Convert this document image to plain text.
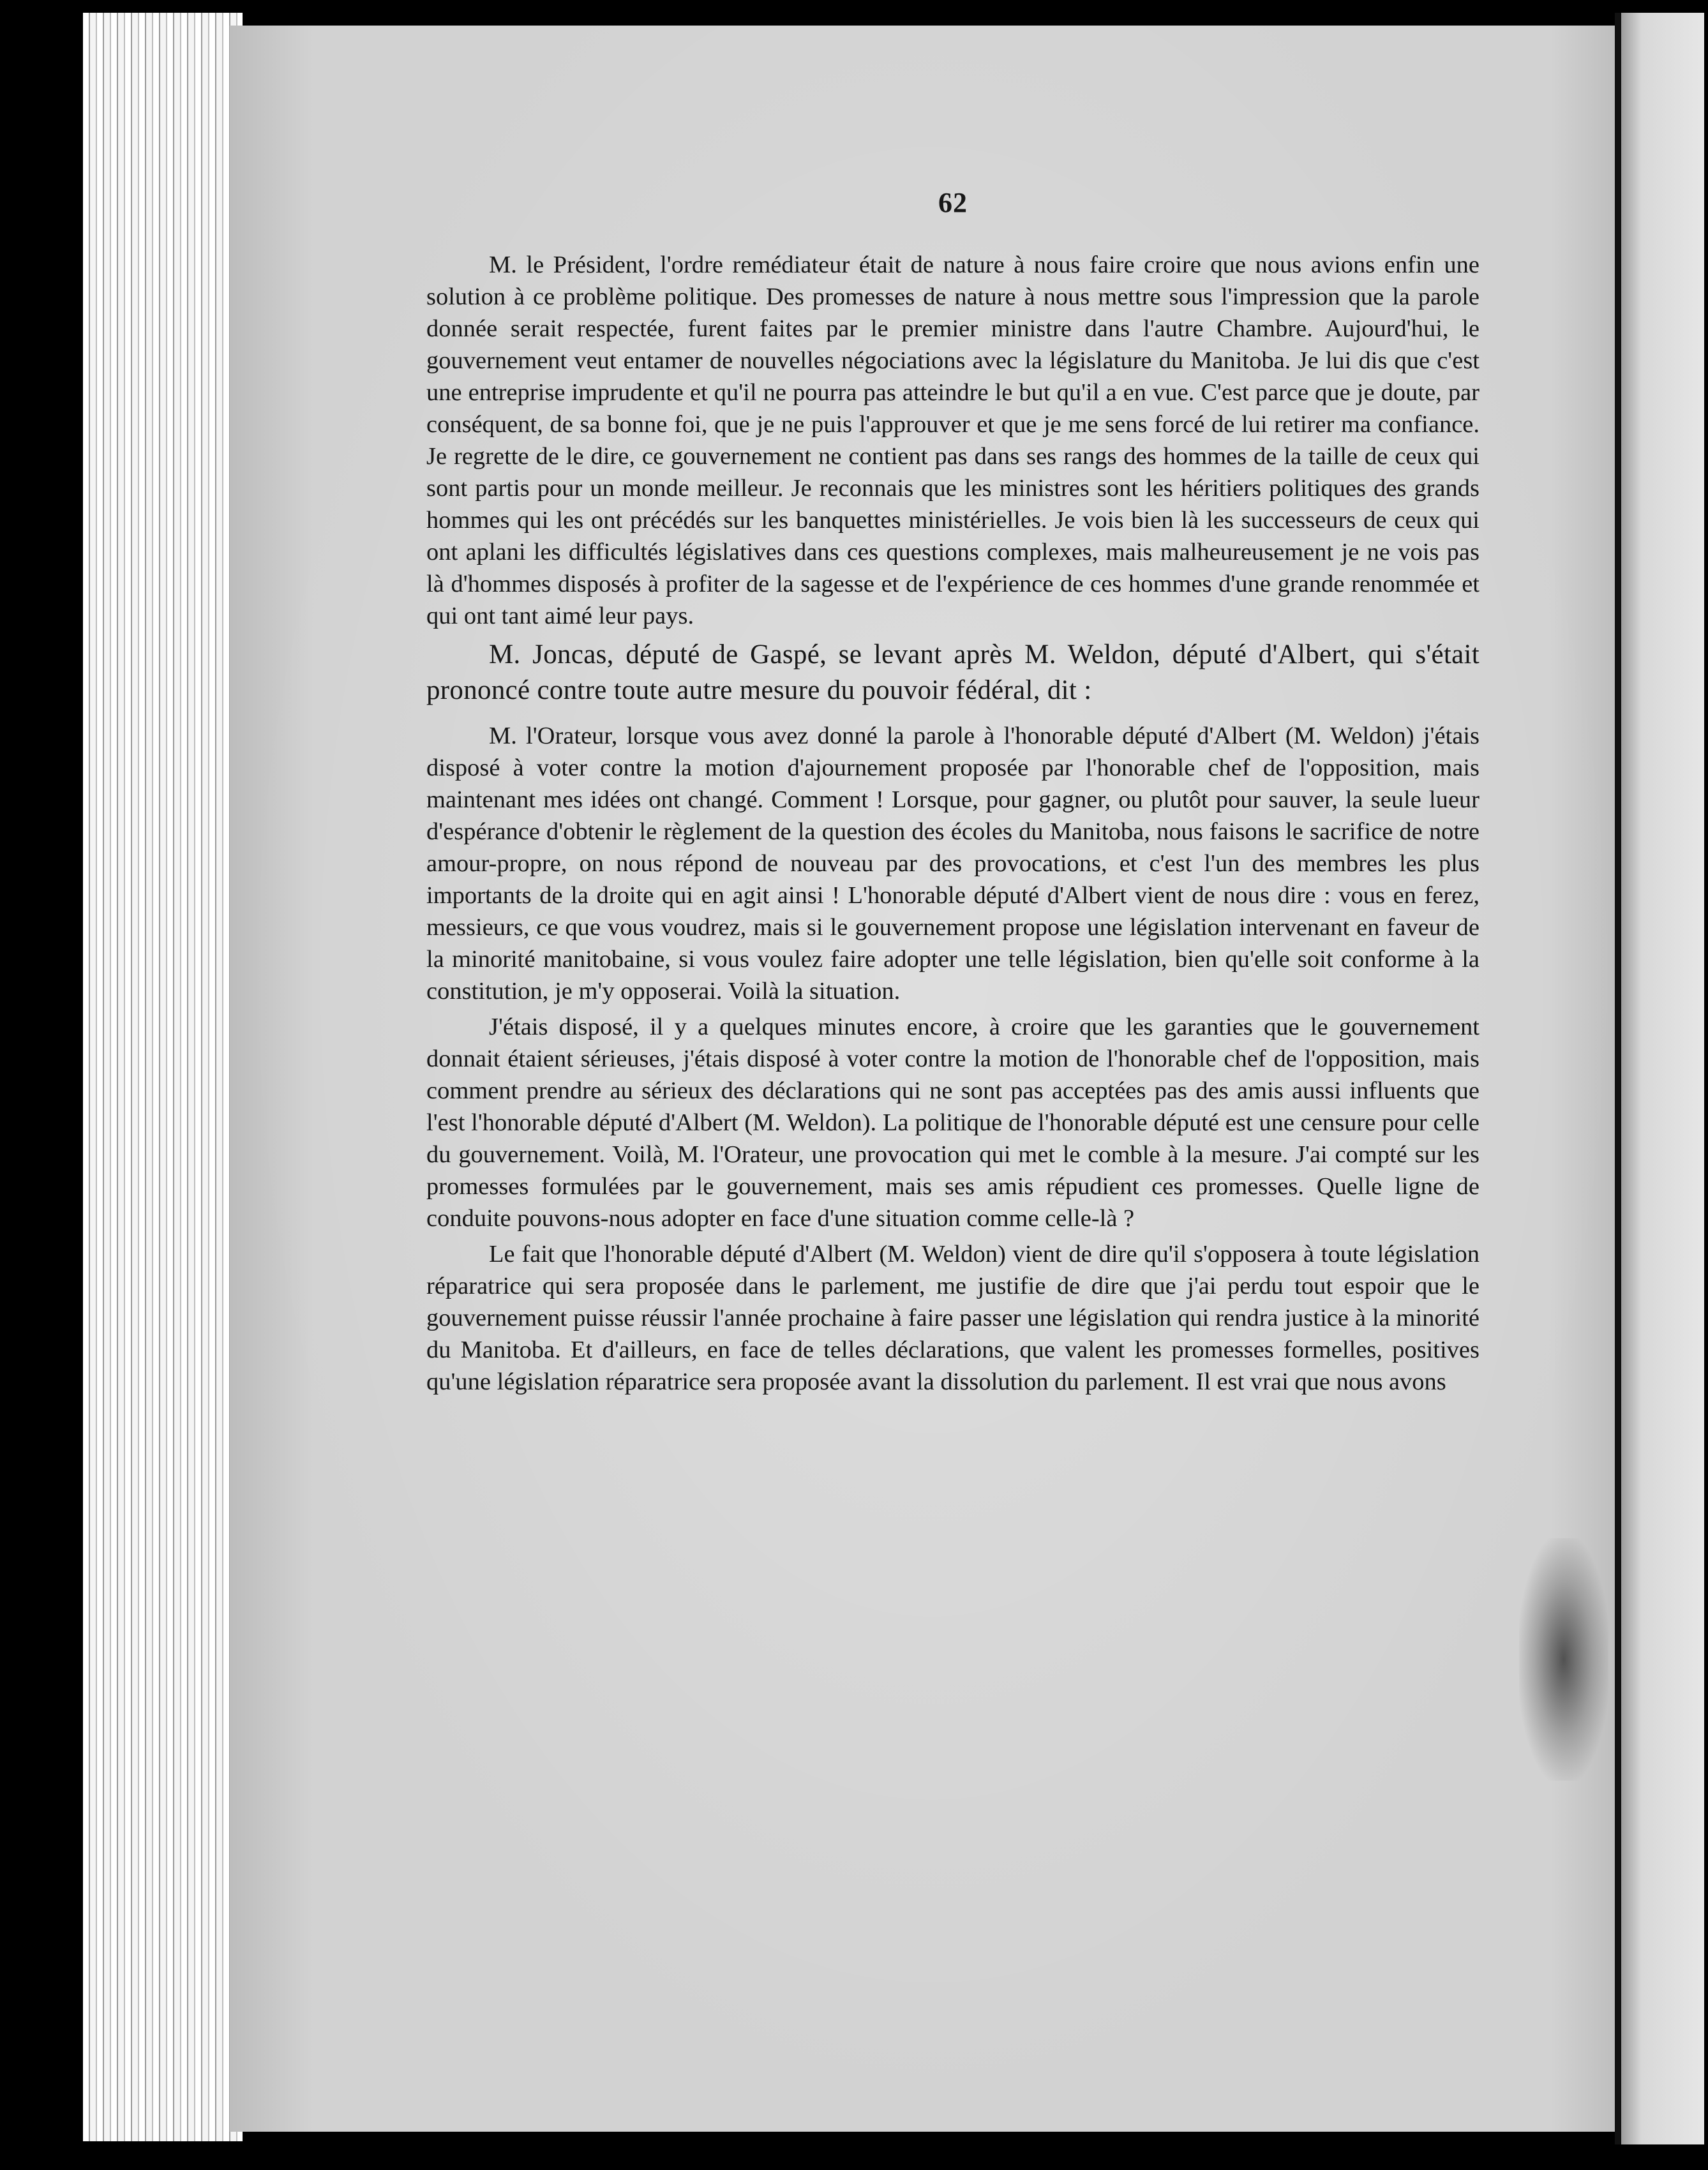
62

M. le Président, l'ordre remédiateur était de nature à nous faire croire que nous avions enfin une solution à ce problème politique. Des promesses de nature à nous mettre sous l'impression que la parole donnée serait respectée, furent faites par le premier ministre dans l'autre Chambre. Aujourd'hui, le gouvernement veut entamer de nouvelles négociations avec la législature du Manitoba. Je lui dis que c'est une entreprise imprudente et qu'il ne pourra pas atteindre le but qu'il a en vue. C'est parce que je doute, par conséquent, de sa bonne foi, que je ne puis l'approuver et que je me sens forcé de lui retirer ma confiance. Je regrette de le dire, ce gouvernement ne contient pas dans ses rangs des hommes de la taille de ceux qui sont partis pour un monde meilleur. Je reconnais que les ministres sont les héritiers politiques des grands hommes qui les ont précédés sur les banquettes ministérielles. Je vois bien là les successeurs de ceux qui ont aplani les difficultés législatives dans ces questions complexes, mais malheureusement je ne vois pas là d'hommes disposés à profiter de la sagesse et de l'expérience de ces hommes d'une grande renommée et qui ont tant aimé leur pays.

M. Joncas, député de Gaspé, se levant après M. Weldon, député d'Albert, qui s'était prononcé contre toute autre mesure du pouvoir fédéral, dit :

M. l'Orateur, lorsque vous avez donné la parole à l'honorable député d'Albert (M. Weldon) j'étais disposé à voter contre la motion d'ajournement proposée par l'honorable chef de l'opposition, mais maintenant mes idées ont changé. Comment ! Lorsque, pour gagner, ou plutôt pour sauver, la seule lueur d'espérance d'obtenir le règlement de la question des écoles du Manitoba, nous faisons le sacrifice de notre amour-propre, on nous répond de nouveau par des provocations, et c'est l'un des membres les plus importants de la droite qui en agit ainsi ! L'honorable député d'Albert vient de nous dire : vous en ferez, messieurs, ce que vous voudrez, mais si le gouvernement propose une législation intervenant en faveur de la minorité manitobaine, si vous voulez faire adopter une telle législation, bien qu'elle soit conforme à la constitution, je m'y opposerai. Voilà la situation.

J'étais disposé, il y a quelques minutes encore, à croire que les garanties que le gouvernement donnait étaient sérieuses, j'étais disposé à voter contre la motion de l'honorable chef de l'opposition, mais comment prendre au sérieux des déclarations qui ne sont pas acceptées pas des amis aussi influents que l'est l'honorable député d'Albert (M. Weldon). La politique de l'honorable député est une censure pour celle du gouvernement. Voilà, M. l'Orateur, une provocation qui met le comble à la mesure. J'ai compté sur les promesses formulées par le gouvernement, mais ses amis répudient ces promesses. Quelle ligne de conduite pouvons-nous adopter en face d'une situation comme celle-là ?

Le fait que l'honorable député d'Albert (M. Weldon) vient de dire qu'il s'opposera à toute législation réparatrice qui sera proposée dans le parlement, me justifie de dire que j'ai perdu tout espoir que le gouvernement puisse réussir l'année prochaine à faire passer une législation qui rendra justice à la minorité du Manitoba. Et d'ailleurs, en face de telles déclarations, que valent les promesses formelles, positives qu'une législation réparatrice sera proposée avant la dissolution du parlement. Il est vrai que nous avons
